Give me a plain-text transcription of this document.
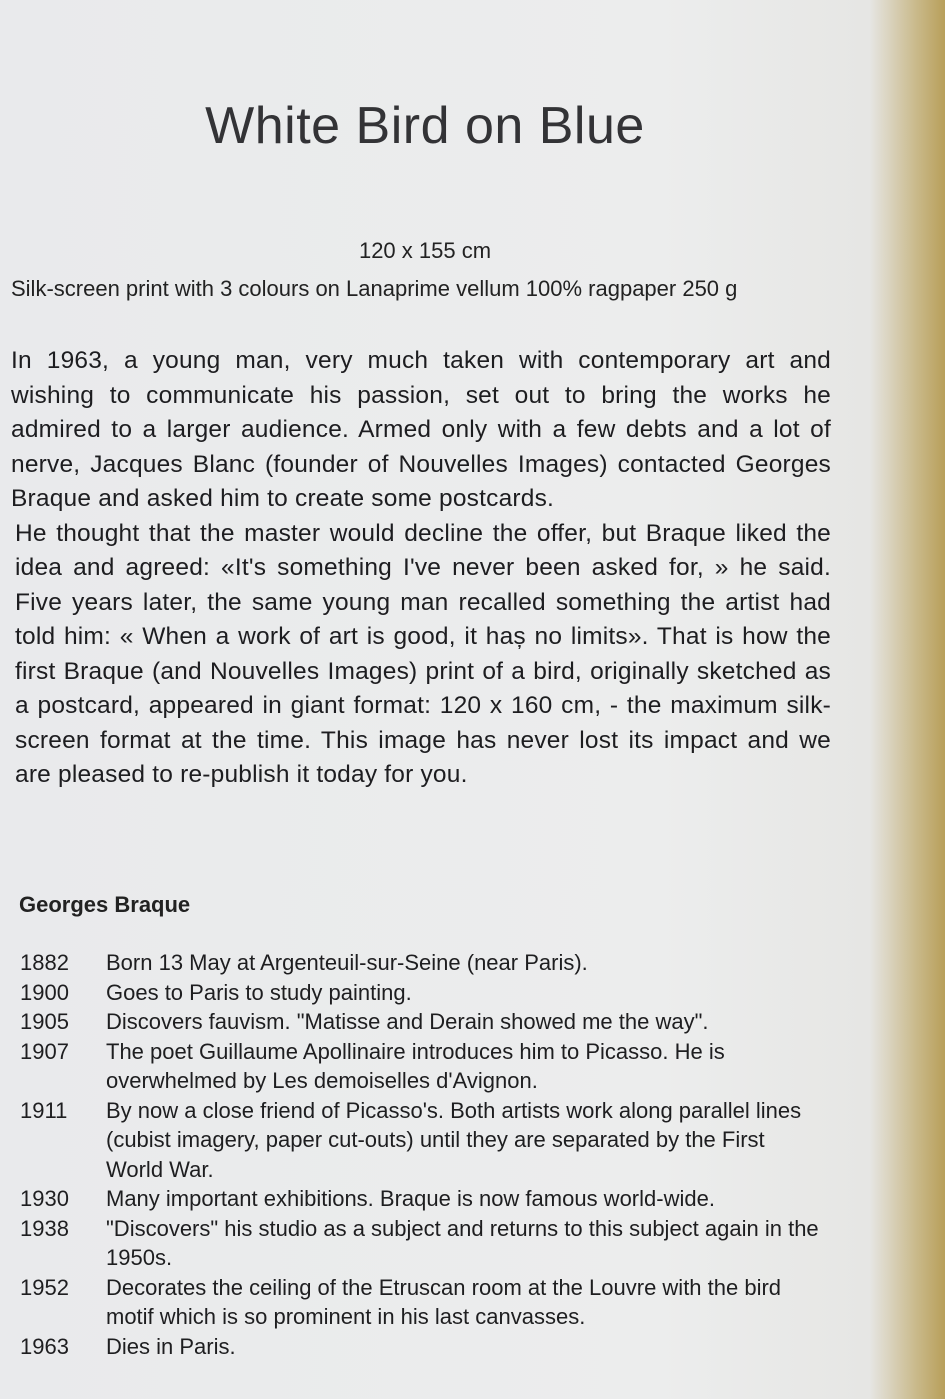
White Bird on Blue
120 x 155 cm
Silk-screen print with 3 colours on Lanaprime vellum 100% ragpaper 250 g

In 1963, a young man, very much taken with contemporary art and wishing to communicate his passion, set out to bring the works he admired to a larger audience. Armed only with a few debts and a lot of nerve, Jacques Blanc (founder of Nouvelles Images) contacted Georges Braque and asked him to create some postcards.

He thought that the master would decline the offer, but Braque liked the idea and agreed: «It's something I've never been asked for, » he said. Five years later, the same young man recalled something the artist had told him: « When a work of art is good, it haș no limits». That is how the first Braque (and Nouvelles Images) print of a bird, originally sketched as a postcard, appeared in giant format: 120 x 160 cm, - the maximum silk-screen format at the time. This image has never lost its impact and we are pleased to re-publish it today for you.

Georges Braque
1882	Born 13 May at Argenteuil-sur-Seine (near Paris).
1900	Goes to Paris to study painting.
1905	Discovers fauvism. "Matisse and Derain showed me the way".
1907	The poet Guillaume Apollinaire introduces him to Picasso. He is overwhelmed by Les demoiselles d'Avignon.
1911	By now a close friend of Picasso's. Both artists work along parallel lines (cubist imagery, paper cut-outs) until they are separated by the First World War.
1930	Many important exhibitions. Braque is now famous world-wide.
1938	"Discovers" his studio as a subject and returns to this subject again in the 1950s.
1952	Decorates the ceiling of the Etruscan room at the Louvre with the bird motif which is so prominent in his last canvasses.
1963	Dies in Paris.
